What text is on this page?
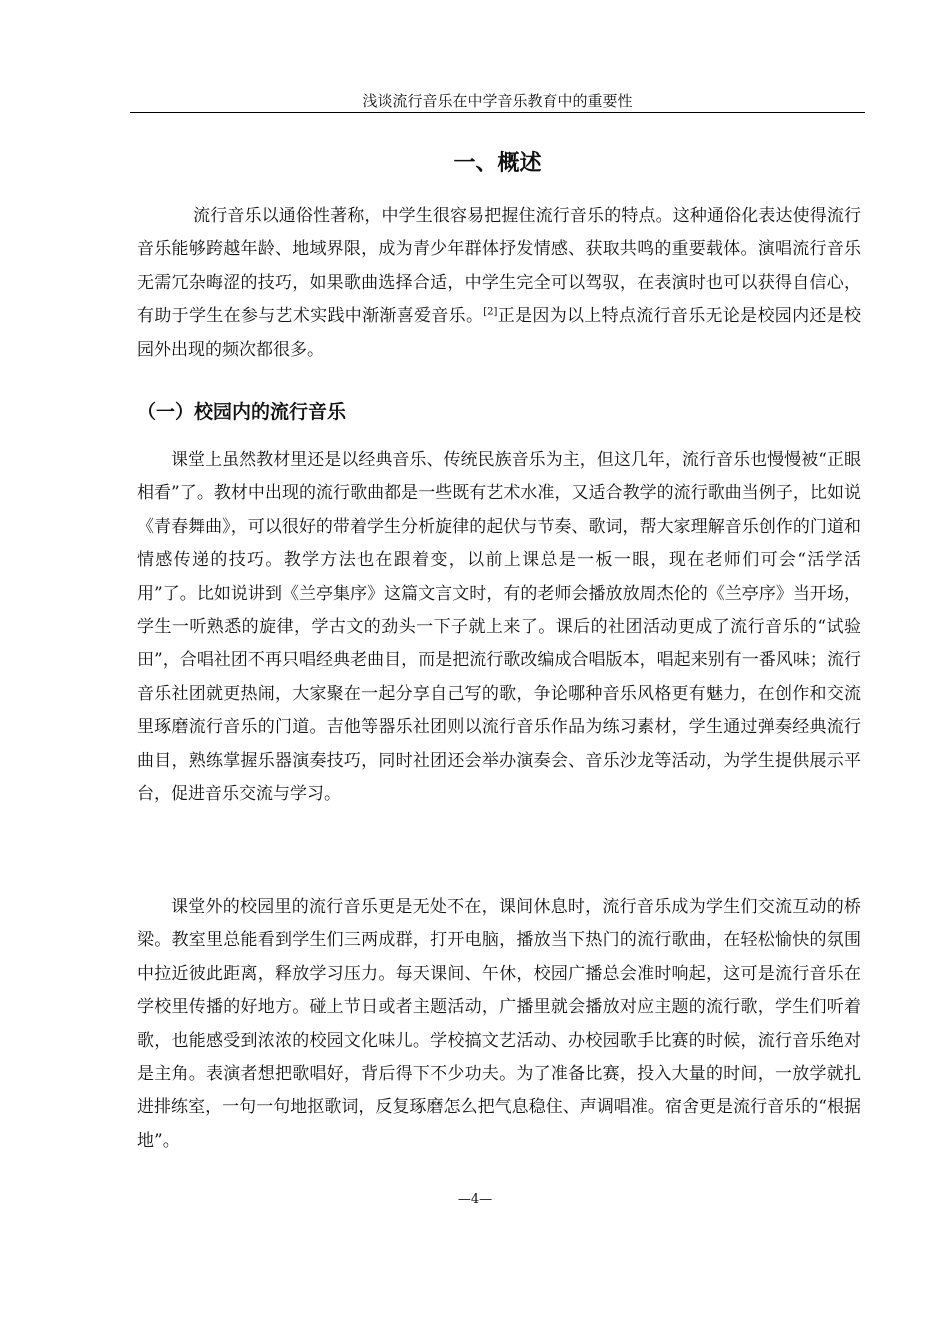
浅谈流行音乐在中学音乐教育中的重要性
一、概述

流行音乐以通俗性著称，中学生很容易把握住流行音乐的特点。这种通俗化表达使得流行音乐能够跨越年龄、地域界限，成为青少年群体抒发情感、获取共鸣的重要载体。演唱流行音乐无需冗杂晦涩的技巧，如果歌曲选择合适，中学生完全可以驾驭，在表演时也可以获得自信心，有助于学生在参与艺术实践中渐渐喜爱音乐。[2]正是因为以上特点流行音乐无论是校园内还是校园外出现的频次都很多。

（一）校园内的流行音乐

课堂上虽然教材里还是以经典音乐、传统民族音乐为主，但这几年，流行音乐也慢慢被“正眼相看”了。教材中出现的流行歌曲都是一些既有艺术水准，又适合教学的流行歌曲当例子，比如说《青春舞曲》，可以很好的带着学生分析旋律的起伏与节奏、歌词，帮大家理解音乐创作的门道和情感传递的技巧。教学方法也在跟着变，以前上课总是一板一眼，现在老师们可会“活学活用”了。比如说讲到《兰亭集序》这篇文言文时，有的老师会播放放周杰伦的《兰亭序》当开场，学生一听熟悉的旋律，学古文的劲头一下子就上来了。课后的社团活动更成了流行音乐的“试验田”，合唱社团不再只唱经典老曲目，而是把流行歌改编成合唱版本，唱起来别有一番风味；流行音乐社团就更热闹，大家聚在一起分享自己写的歌，争论哪种音乐风格更有魅力，在创作和交流里琢磨流行音乐的门道。吉他等器乐社团则以流行音乐作品为练习素材，学生通过弹奏经典流行曲目，熟练掌握乐器演奏技巧，同时社团还会举办演奏会、音乐沙龙等活动，为学生提供展示平台，促进音乐交流与学习。

课堂外的校园里的流行音乐更是无处不在，课间休息时，流行音乐成为学生们交流互动的桥梁。教室里总能看到学生们三两成群，打开电脑，播放当下热门的流行歌曲，在轻松愉快的氛围中拉近彼此距离，释放学习压力。每天课间、午休，校园广播总会准时响起，这可是流行音乐在学校里传播的好地方。碰上节日或者主题活动，广播里就会播放对应主题的流行歌，学生们听着歌，也能感受到浓浓的校园文化味儿。学校搞文艺活动、办校园歌手比赛的时候，流行音乐绝对是主角。表演者想把歌唱好，背后得下不少功夫。为了准备比赛，投入大量的时间，一放学就扎进排练室，一句一句地抠歌词，反复琢磨怎么把气息稳住、声调唱准。宿舍更是流行音乐的“根据地”。

—4—
